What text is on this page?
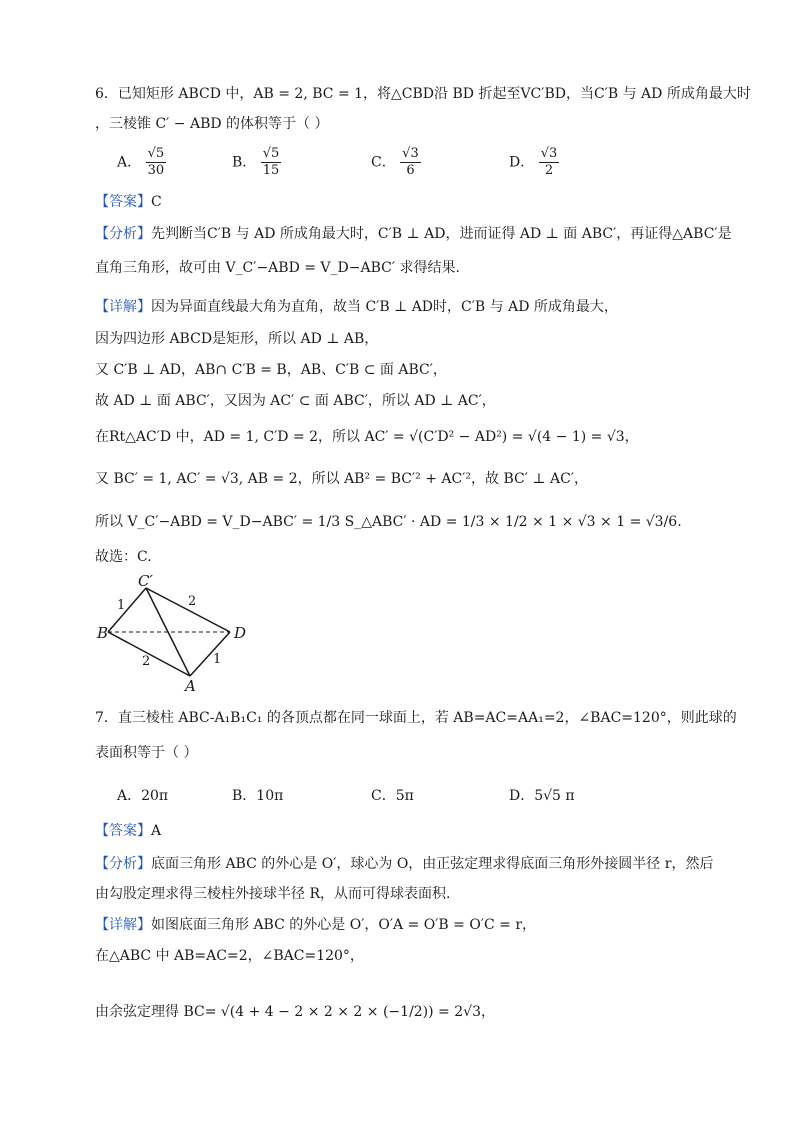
6．已知矩形 ABCD 中，AB = 2, BC = 1，将△CBD沿 BD 折起至VC′BD，当C′B 与 AD 所成角最大时
，三棱锥 C′ − ABD 的体积等于（ ）
A． $\frac{√5}{30}$	B． $\frac{√5}{15}$	C． $\frac{√3}{6}$	D． $\frac{√3}{2}$
【答案】C
【分析】先判断当C′B 与 AD 所成角最大时，C′B ⊥ AD，进而证得 AD ⊥ 面 ABC′，再证得△ABC′是
直角三角形，故可由 V_C′−ABD = V_D−ABC′ 求得结果.
【详解】因为异面直线最大角为直角，故当 C′B ⊥ AD时，C′B 与 AD 所成角最大，
因为四边形 ABCD是矩形，所以 AD ⊥ AB，
又 C′B ⊥ AD，AB∩ C′B = B，AB、C′B ⊂ 面 ABC′，
故 AD ⊥ 面 ABC′，又因为 AC′ ⊂ 面 ABC′，所以 AD ⊥ AC′，
在Rt△AC′D 中，AD = 1, C′D = 2，所以 AC′ = √(C′D² − AD²) = √(4 − 1) = √3，
又 BC′ = 1, AC′ = √3, AB = 2，所以 AB² = BC′² + AC′²，故 BC′ ⊥ AC′，
所以 V_C′−ABD = V_D−ABC′ = 1/3 S_△ABC′ · AD = 1/3 × 1/2 × 1 × √3 × 1 = √3/6.
故选：C.
C′
B	D
A
1	2
2	1
7．直三棱柱 ABC-A₁B₁C₁ 的各顶点都在同一球面上，若 AB=AC=AA₁=2，∠BAC=120°，则此球的
表面积等于（ ）
A．20π	B．10π	C．5π	D．5√5 π
【答案】A
【分析】底面三角形 ABC 的外心是 O′，球心为 O，由正弦定理求得底面三角形外接圆半径 r，然后
由勾股定理求得三棱柱外接球半径 R，从而可得球表面积.
【详解】如图底面三角形 ABC 的外心是 O′，O′A = O′B = O′C = r，
在△ABC 中 AB=AC=2，∠BAC=120°，
由余弦定理得 BC= √(4 + 4 − 2 × 2 × 2 × (−1/2)) = 2√3，
